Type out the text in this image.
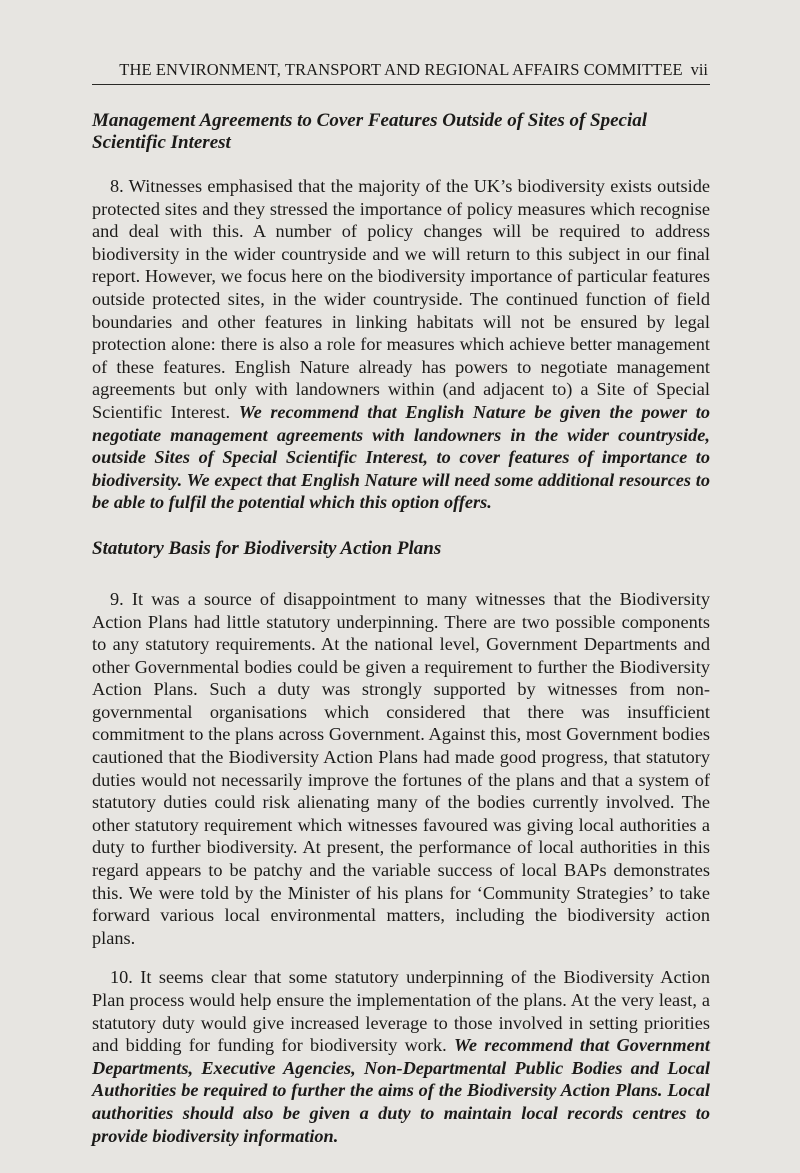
THE ENVIRONMENT, TRANSPORT AND REGIONAL AFFAIRS COMMITTEE vii
Management Agreements to Cover Features Outside of Sites of Special Scientific Interest

8. Witnesses emphasised that the majority of the UK’s biodiversity exists outside protected sites and they stressed the importance of policy measures which recognise and deal with this. A number of policy changes will be required to address biodiversity in the wider countryside and we will return to this subject in our final report. However, we focus here on the biodiversity importance of particular features outside protected sites, in the wider countryside. The continued function of field boundaries and other features in linking habitats will not be ensured by legal protection alone: there is also a role for measures which achieve better management of these features. English Nature already has powers to negotiate management agreements but only with landowners within (and adjacent to) a Site of Special Scientific Interest. We recommend that English Nature be given the power to negotiate management agreements with landowners in the wider countryside, outside Sites of Special Scientific Interest, to cover features of importance to biodiversity. We expect that English Nature will need some additional resources to be able to fulfil the potential which this option offers.

Statutory Basis for Biodiversity Action Plans

9. It was a source of disappointment to many witnesses that the Biodiversity Action Plans had little statutory underpinning. There are two possible components to any statutory requirements. At the national level, Government Departments and other Governmental bodies could be given a requirement to further the Biodiversity Action Plans. Such a duty was strongly supported by witnesses from non-governmental organisations which considered that there was insufficient commitment to the plans across Government. Against this, most Government bodies cautioned that the Biodiversity Action Plans had made good progress, that statutory duties would not necessarily improve the fortunes of the plans and that a system of statutory duties could risk alienating many of the bodies currently involved. The other statutory requirement which witnesses favoured was giving local authorities a duty to further biodiversity. At present, the performance of local authorities in this regard appears to be patchy and the variable success of local BAPs demonstrates this. We were told by the Minister of his plans for ‘Community Strategies’ to take forward various local environmental matters, including the biodiversity action plans.

10. It seems clear that some statutory underpinning of the Biodiversity Action Plan process would help ensure the implementation of the plans. At the very least, a statutory duty would give increased leverage to those involved in setting priorities and bidding for funding for biodiversity work. We recommend that Government Departments, Executive Agencies, Non-Departmental Public Bodies and Local Authorities be required to further the aims of the Biodiversity Action Plans. Local authorities should also be given a duty to maintain local records centres to provide biodiversity information.
